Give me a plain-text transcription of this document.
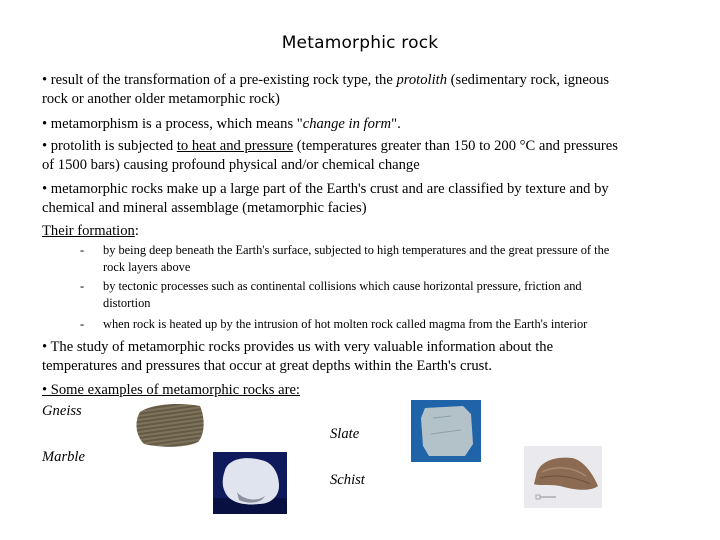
Metamorphic rock
• result of the transformation of a pre-existing rock type, the protolith (sedimentary rock, igneous
rock or another older metamorphic rock)
• metamorphism is a process, which means "change in form".
• protolith is subjected to heat and pressure (temperatures greater than 150 to 200 °C and pressures
of 1500 bars) causing profound physical and/or chemical change
• metamorphic rocks make up a large part of the Earth's crust and are classified by texture and by
chemical and mineral assemblage (metamorphic facies)
Their formation:
- by being deep beneath the Earth's surface, subjected to high temperatures and the great pressure of the
rock layers above
- by tectonic processes such as continental collisions which cause horizontal pressure, friction and
distortion
- when rock is heated up by the intrusion of hot molten rock called magma from the Earth's interior
• The study of metamorphic rocks provides us with very valuable information about the
temperatures and pressures that occur at great depths within the Earth's crust.
• Some examples of metamorphic rocks are:
Gneiss
Slate
Marble
Schist
